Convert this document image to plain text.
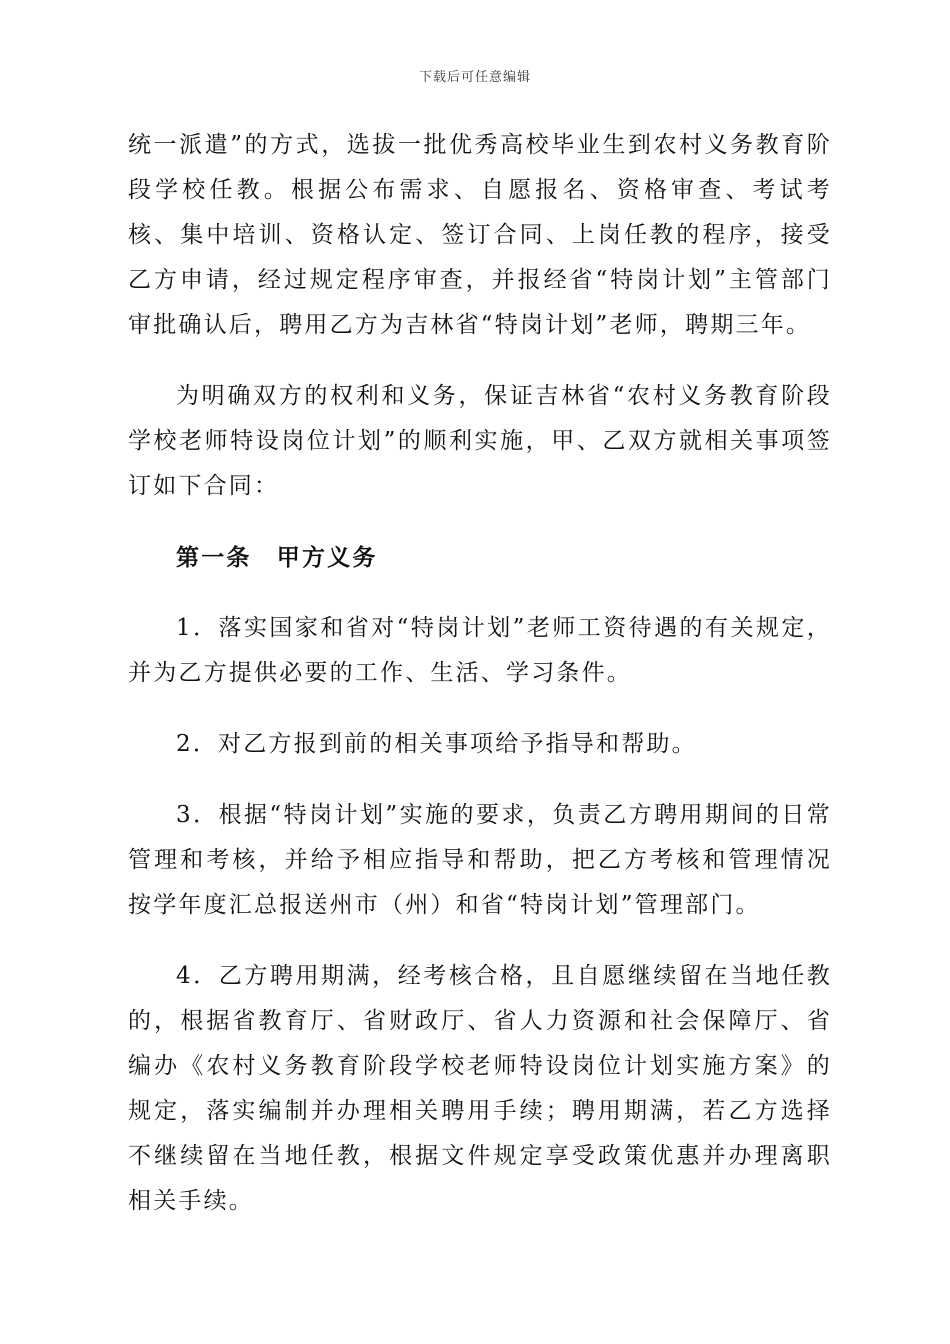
下载后可任意编辑

统一派遣”的方式，选拔一批优秀高校毕业生到农村义务教育阶段学校任教。根据公布需求、自愿报名、资格审查、考试考核、集中培训、资格认定、签订合同、上岗任教的程序，接受乙方申请，经过规定程序审查，并报经省“特岗计划”主管部门审批确认后，聘用乙方为吉林省“特岗计划”老师，聘期三年。

为明确双方的权利和义务，保证吉林省“农村义务教育阶段学校老师特设岗位计划”的顺利实施，甲、乙双方就相关事项签订如下合同：

第一条　甲方义务

1．落实国家和省对“特岗计划”老师工资待遇的有关规定，并为乙方提供必要的工作、生活、学习条件。

2．对乙方报到前的相关事项给予指导和帮助。

3．根据“特岗计划”实施的要求，负责乙方聘用期间的日常管理和考核，并给予相应指导和帮助，把乙方考核和管理情况按学年度汇总报送州市（州）和省“特岗计划”管理部门。

4．乙方聘用期满，经考核合格，且自愿继续留在当地任教的，根据省教育厅、省财政厅、省人力资源和社会保障厅、省编办《农村义务教育阶段学校老师特设岗位计划实施方案》的规定，落实编制并办理相关聘用手续；聘用期满，若乙方选择不继续留在当地任教，根据文件规定享受政策优惠并办理离职相关手续。
